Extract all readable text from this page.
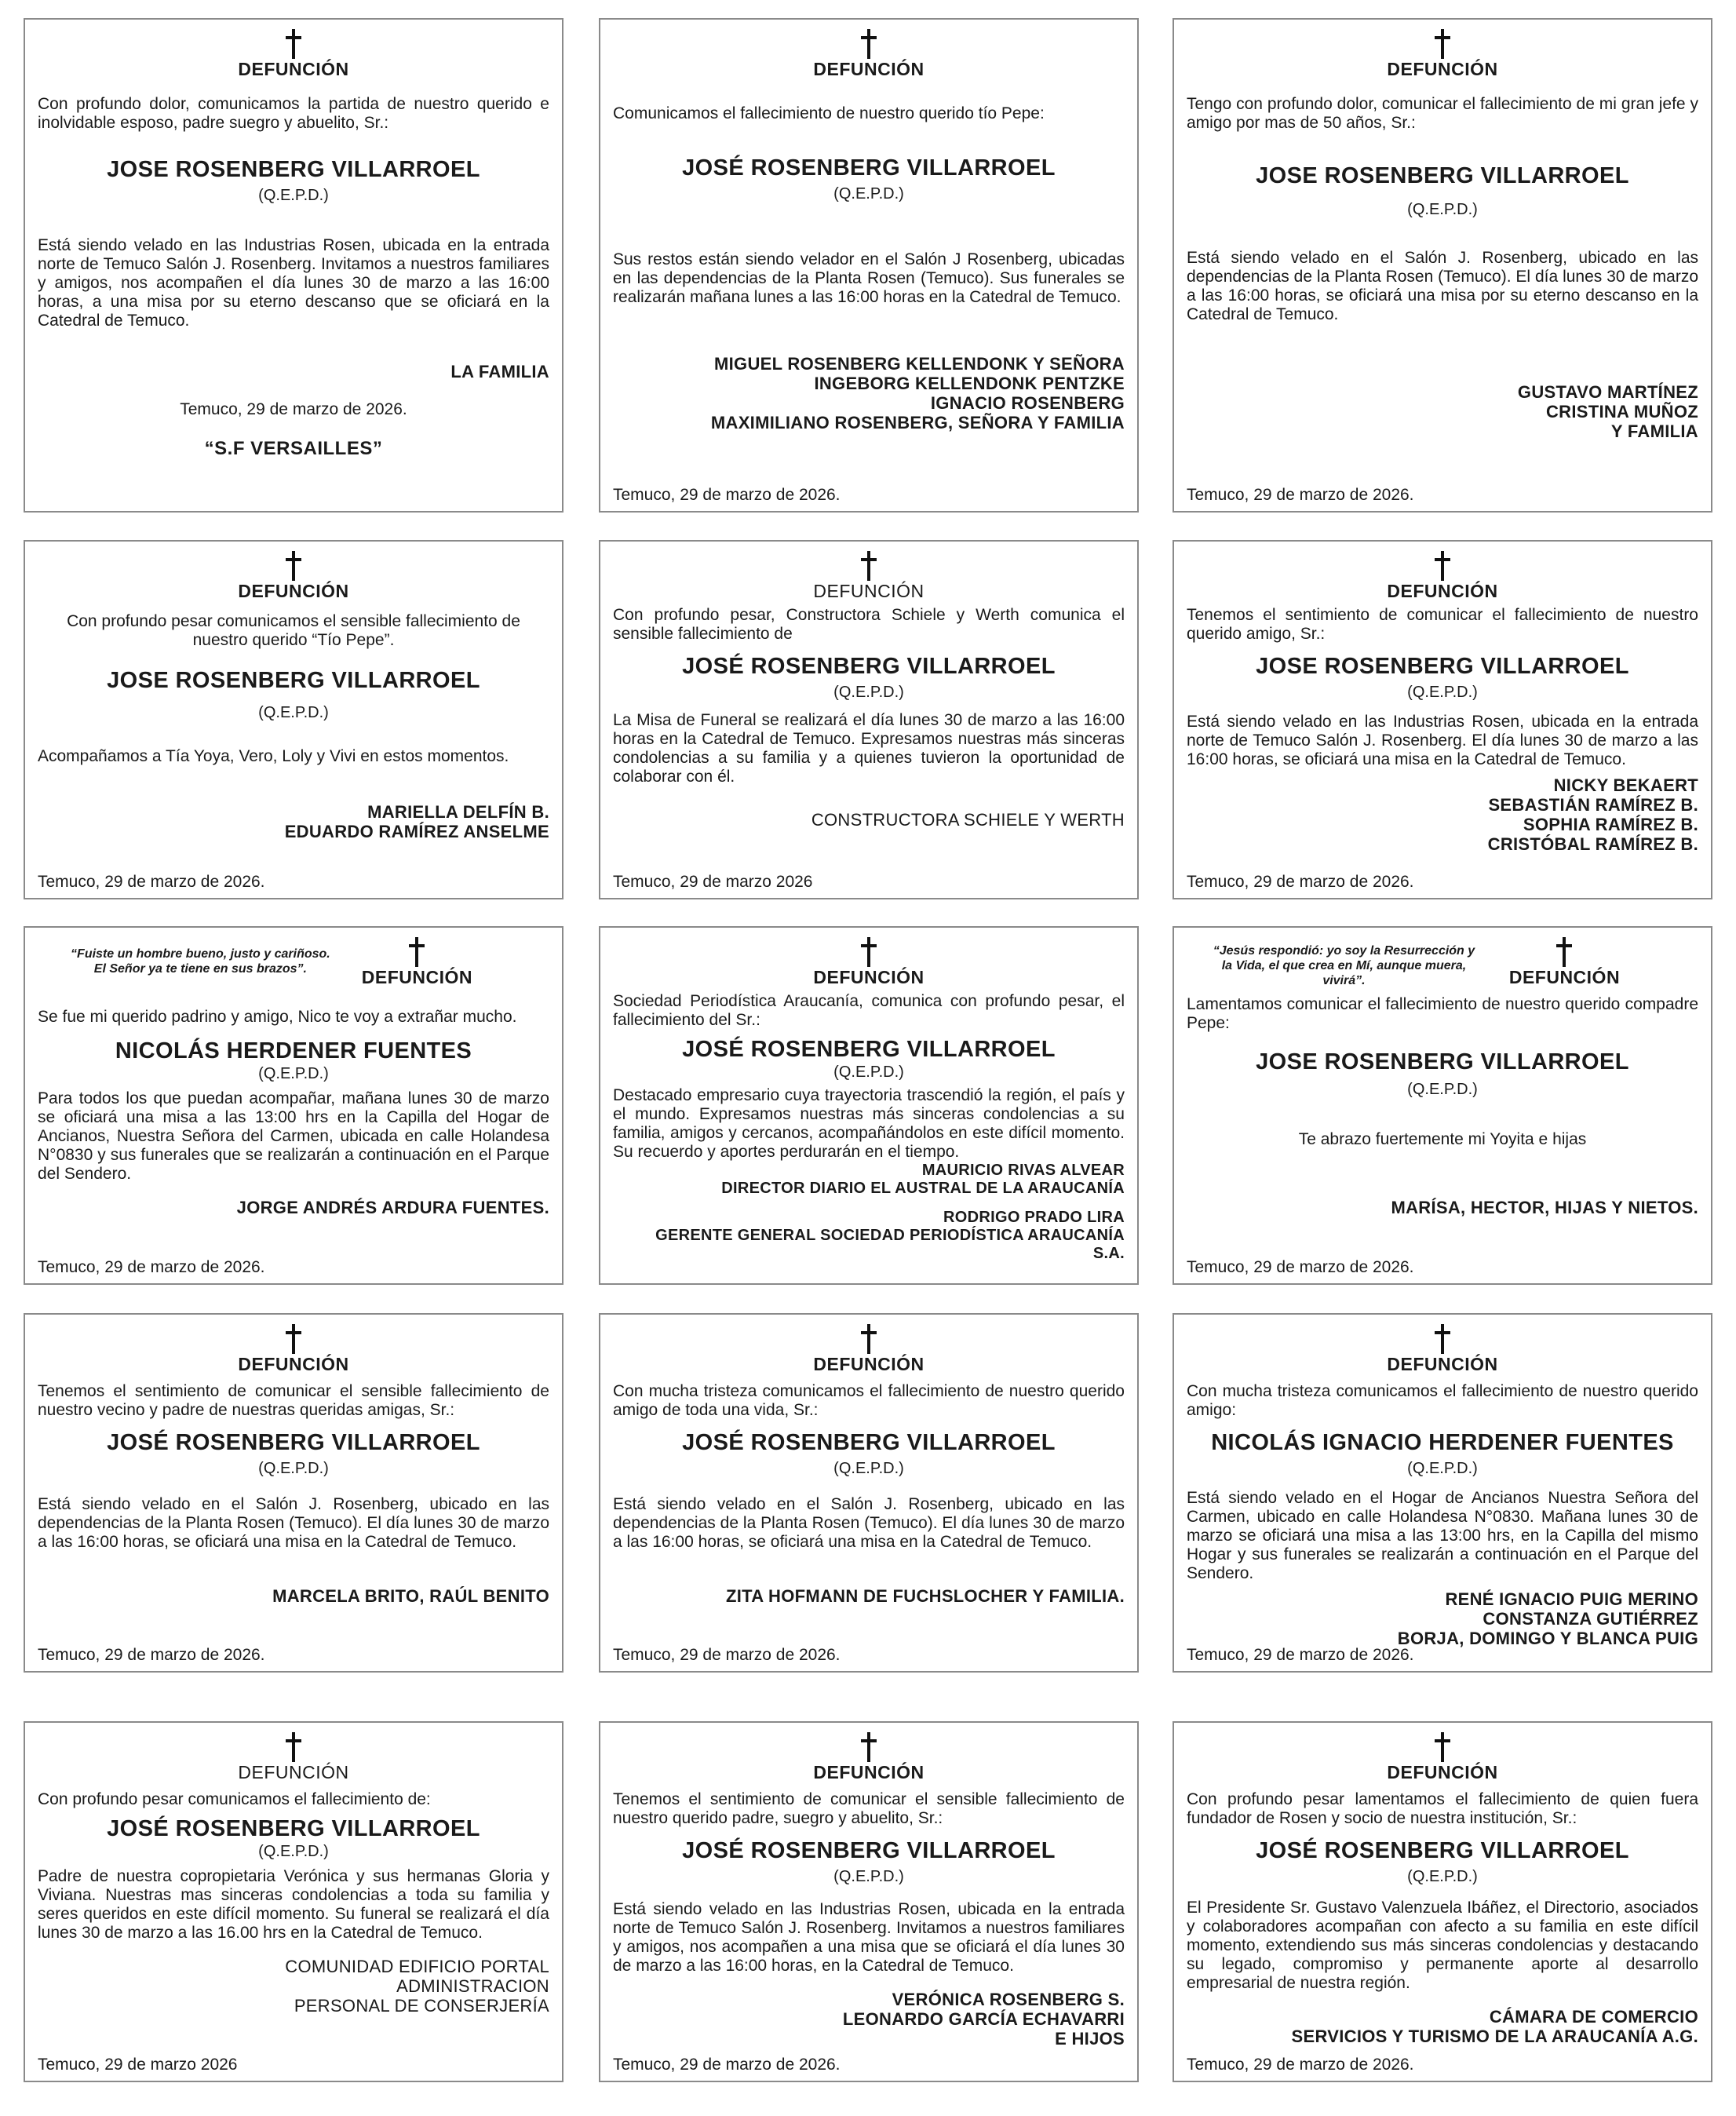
DEFUNCIÓN
Con profundo dolor, comunicamos la partida de nuestro querido e inolvidable esposo, padre suegro y abuelito, Sr.:
JOSE ROSENBERG VILLARROEL
(Q.E.P.D.)
Está siendo velado en las Industrias Rosen, ubicada en la entrada norte de Temuco Salón J. Rosenberg. Invitamos a nuestros familiares y amigos, nos acompañen el día lunes 30 de marzo a las 16:00 horas, a una misa por su eterno descanso que se oficiará en la Catedral de Temuco.
LA FAMILIA
Temuco, 29 de marzo de 2026.
“S.F VERSAILLES”
DEFUNCIÓN
Comunicamos el fallecimiento de nuestro querido tío Pepe:
JOSÉ ROSENBERG VILLARROEL
(Q.E.P.D.)
Sus restos están siendo velador en el Salón J Rosenberg, ubicadas en las dependencias de la Planta Rosen (Temuco). Sus funerales se realizarán mañana lunes a las 16:00 horas en la Catedral de Temuco.
MIGUEL ROSENBERG KELLENDONK Y SEÑORA
INGEBORG KELLENDONK PENTZKE
IGNACIO ROSENBERG
MAXIMILIANO ROSENBERG, SEÑORA Y FAMILIA
Temuco, 29 de marzo de 2026.
DEFUNCIÓN
Tengo con profundo dolor, comunicar el fallecimiento de mi gran jefe y amigo por mas de 50 años, Sr.:
JOSE ROSENBERG VILLARROEL
(Q.E.P.D.)
Está siendo velado en el Salón J. Rosenberg, ubicado en las dependencias de la Planta Rosen (Temuco). El día lunes 30 de marzo a las 16:00 horas, se oficiará una misa por su eterno descanso en la Catedral de Temuco.
GUSTAVO MARTÍNEZ
CRISTINA MUÑOZ
Y FAMILIA
Temuco, 29 de marzo de 2026.
DEFUNCIÓN
Con profundo pesar comunicamos el sensible fallecimiento de nuestro querido “Tío Pepe”.
JOSE ROSENBERG VILLARROEL
(Q.E.P.D.)
Acompañamos a Tía Yoya, Vero, Loly y Vivi en estos momentos.
MARIELLA DELFÍN B.
EDUARDO RAMÍREZ ANSELME
Temuco, 29 de marzo de 2026.
DEFUNCIÓN
Con profundo pesar, Constructora Schiele y Werth comunica el sensible fallecimiento de
JOSÉ ROSENBERG VILLARROEL
(Q.E.P.D.)
La Misa de Funeral se realizará el día lunes 30 de marzo a las 16:00 horas en la Catedral de Temuco. Expresamos nuestras más sinceras condolencias a su familia y a quienes tuvieron la oportunidad de colaborar con él.
CONSTRUCTORA SCHIELE Y WERTH
Temuco, 29 de marzo 2026
DEFUNCIÓN
Tenemos el sentimiento de comunicar el fallecimiento de nuestro querido amigo, Sr.:
JOSE ROSENBERG VILLARROEL
(Q.E.P.D.)
Está siendo velado en las Industrias Rosen, ubicada en la entrada norte de Temuco Salón J. Rosenberg. El día lunes 30 de marzo a las 16:00 horas, se oficiará una misa en la Catedral de Temuco.
NICKY BEKAERT
SEBASTIÁN RAMÍREZ B.
SOPHIA RAMÍREZ B.
CRISTÓBAL RAMÍREZ B.
Temuco, 29 de marzo de 2026.
“Fuiste un hombre bueno, justo y cariñoso. El Señor ya te tiene en sus brazos”.	DEFUNCIÓN
Se fue mi querido padrino y amigo, Nico te voy a extrañar mucho.
NICOLÁS HERDENER FUENTES
(Q.E.P.D.)
Para todos los que puedan acompañar, mañana lunes 30 de marzo se oficiará una misa a las 13:00 hrs en la Capilla del Hogar de Ancianos, Nuestra Señora del Carmen, ubicada en calle Holandesa N°0830 y sus funerales que se realizarán a continuación en el Parque del Sendero.
JORGE ANDRÉS ARDURA FUENTES.
Temuco, 29 de marzo de 2026.
DEFUNCIÓN
Sociedad Periodística Araucanía, comunica con profundo pesar, el fallecimiento del Sr.:
JOSÉ ROSENBERG VILLARROEL
(Q.E.P.D.)
Destacado empresario cuya trayectoria trascendió la región, el país y el mundo. Expresamos nuestras más sinceras condolencias a su familia, amigos y cercanos, acompañándolos en este difícil momento. Su recuerdo y aportes perdurarán en el tiempo.
MAURICIO RIVAS ALVEAR
DIRECTOR DIARIO EL AUSTRAL DE LA ARAUCANÍA
RODRIGO PRADO LIRA
GERENTE GENERAL SOCIEDAD PERIODÍSTICA ARAUCANÍA
S.A.
“Jesús respondió: yo soy la Resurrección y la Vida, el que crea en Mí, aunque muera, vivirá”.	DEFUNCIÓN
Lamentamos comunicar el fallecimiento de nuestro querido compadre Pepe:
JOSE ROSENBERG VILLARROEL
(Q.E.P.D.)
Te abrazo fuertemente mi Yoyita e hijas
MARÍSA, HECTOR, HIJAS Y NIETOS.
Temuco, 29 de marzo de 2026.
DEFUNCIÓN
Tenemos el sentimiento de comunicar el sensible fallecimiento de nuestro vecino y padre de nuestras queridas amigas, Sr.:
JOSÉ ROSENBERG VILLARROEL
(Q.E.P.D.)
Está siendo velado en el Salón J. Rosenberg, ubicado en las dependencias de la Planta Rosen (Temuco). El día lunes 30 de marzo a las 16:00 horas, se oficiará una misa en la Catedral de Temuco.
MARCELA BRITO, RAÚL BENITO
Temuco, 29 de marzo de 2026.
DEFUNCIÓN
Con mucha tristeza comunicamos el fallecimiento de nuestro querido amigo de toda una vida, Sr.:
JOSÉ ROSENBERG VILLARROEL
(Q.E.P.D.)
Está siendo velado en el Salón J. Rosenberg, ubicado en las dependencias de la Planta Rosen (Temuco). El día lunes 30 de marzo a las 16:00 horas, se oficiará una misa en la Catedral de Temuco.
ZITA HOFMANN DE FUCHSLOCHER Y FAMILIA.
Temuco, 29 de marzo de 2026.
DEFUNCIÓN
Con mucha tristeza comunicamos el fallecimiento de nuestro querido amigo:
NICOLÁS IGNACIO HERDENER FUENTES
(Q.E.P.D.)
Está siendo velado en el Hogar de Ancianos Nuestra Señora del Carmen, ubicado en calle Holandesa N°0830. Mañana lunes 30 de marzo se oficiará una misa a las 13:00 hrs, en la Capilla del mismo Hogar y sus funerales se realizarán a continuación en el Parque del Sendero.
RENÉ IGNACIO PUIG MERINO
CONSTANZA GUTIÉRREZ
BORJA, DOMINGO Y BLANCA PUIG
Temuco, 29 de marzo de 2026.
DEFUNCIÓN
Con profundo pesar comunicamos el fallecimiento de:
JOSÉ ROSENBERG VILLARROEL
(Q.E.P.D.)
Padre de nuestra copropietaria Verónica y sus hermanas Gloria y Viviana. Nuestras mas sinceras condolencias a toda su familia y seres queridos en este difícil momento. Su funeral se realizará el día lunes 30 de marzo a las 16.00 hrs en la Catedral de Temuco.
COMUNIDAD EDIFICIO PORTAL
ADMINISTRACION
PERSONAL DE CONSERJERÍA
Temuco, 29 de marzo 2026
DEFUNCIÓN
Tenemos el sentimiento de comunicar el sensible fallecimiento de nuestro querido padre, suegro y abuelito, Sr.:
JOSÉ ROSENBERG VILLARROEL
(Q.E.P.D.)
Está siendo velado en las Industrias Rosen, ubicada en la entrada norte de Temuco Salón J. Rosenberg. Invitamos a nuestros familiares y amigos, nos acompañen a una misa que se oficiará el día lunes 30 de marzo a las 16:00 horas, en la Catedral de Temuco.
VERÓNICA ROSENBERG S.
LEONARDO GARCÍA ECHAVARRI
E HIJOS
Temuco, 29 de marzo de 2026.
DEFUNCIÓN
Con profundo pesar lamentamos el fallecimiento de quien fuera fundador de Rosen y socio de nuestra institución, Sr.:
JOSÉ ROSENBERG VILLARROEL
(Q.E.P.D.)
El Presidente Sr. Gustavo Valenzuela Ibáñez, el Directorio, asociados y colaboradores acompañan con afecto a su familia en este difícil momento, extendiendo sus más sinceras condolencias y destacando su legado, compromiso y permanente aporte al desarrollo empresarial de nuestra región.
CÁMARA DE COMERCIO
SERVICIOS Y TURISMO DE LA ARAUCANÍA A.G.
Temuco, 29 de marzo de 2026.
